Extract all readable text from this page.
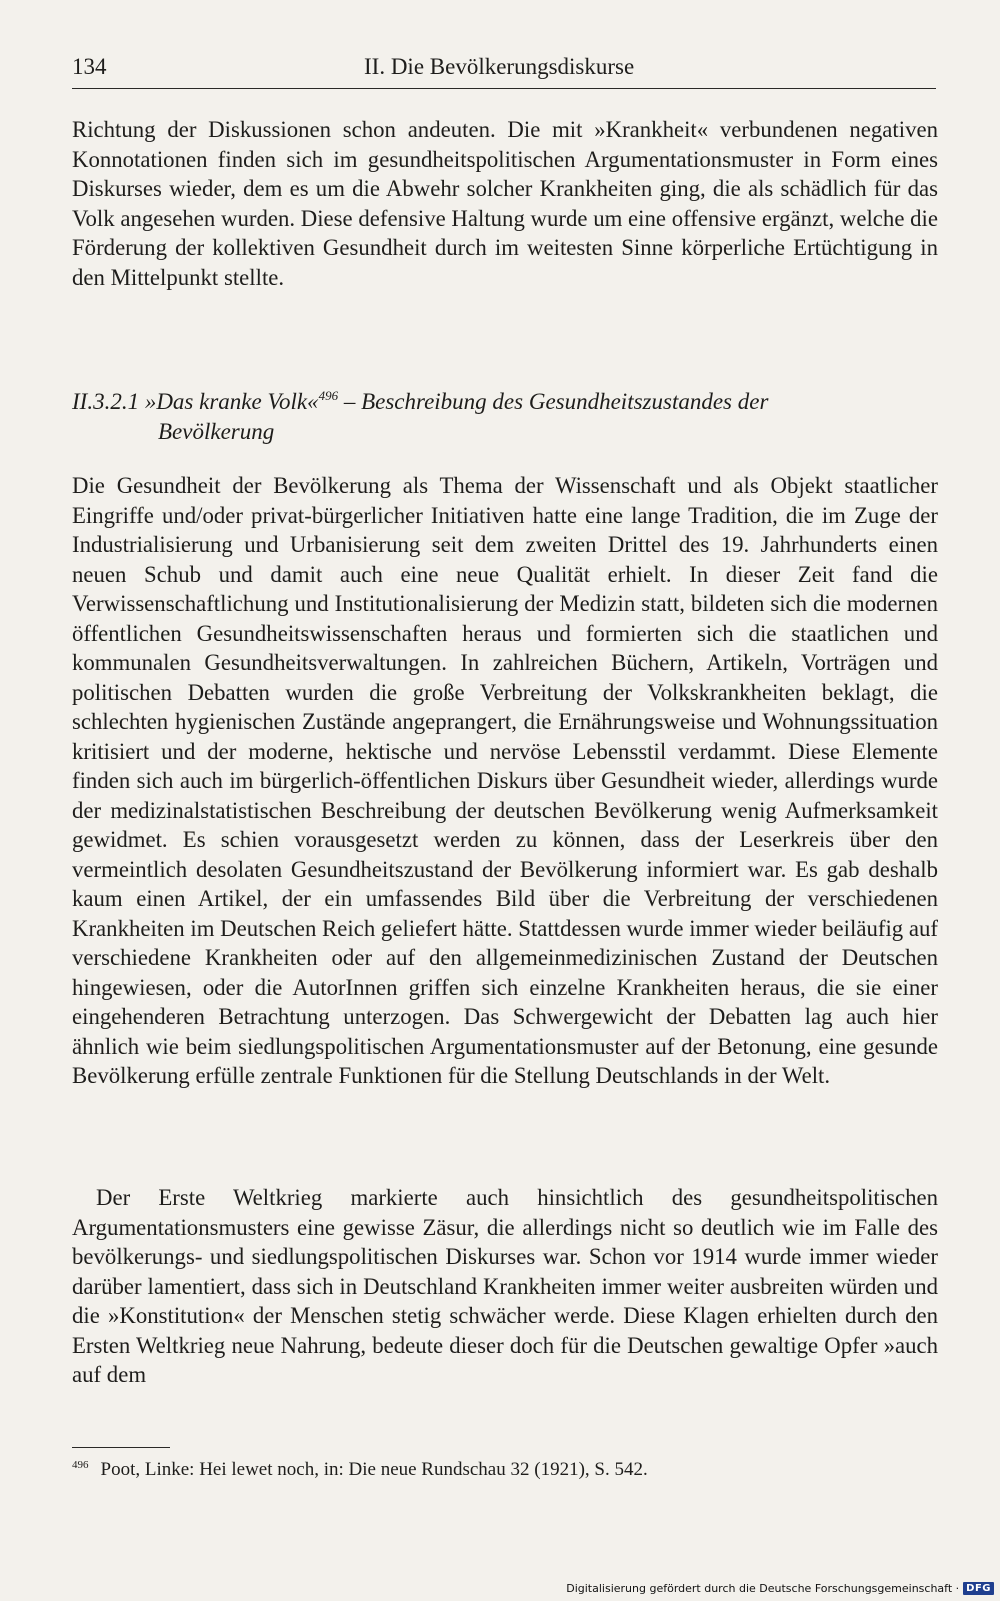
134	II. Die Bevölkerungsdiskurse

Richtung der Diskussionen schon andeuten. Die mit »Krankheit« verbundenen negativen Konnotationen finden sich im gesundheitspolitischen Argumentationsmuster in Form eines Diskurses wieder, dem es um die Abwehr solcher Krankheiten ging, die als schädlich für das Volk angesehen wurden. Diese defensive Haltung wurde um eine offensive ergänzt, welche die Förderung der kollektiven Gesundheit durch im weitesten Sinne körperliche Ertüchtigung in den Mittelpunkt stellte.

II.3.2.1 »Das kranke Volk«$^{496}$ – Beschreibung des Gesundheitszustandes der
Bevölkerung

Die Gesundheit der Bevölkerung als Thema der Wissenschaft und als Objekt staatlicher Eingriffe und/oder privat-bürgerlicher Initiativen hatte eine lange Tradition, die im Zuge der Industrialisierung und Urbanisierung seit dem zweiten Drittel des 19. Jahrhunderts einen neuen Schub und damit auch eine neue Qualität erhielt. In dieser Zeit fand die Verwissenschaftlichung und Institutionalisierung der Medizin statt, bildeten sich die modernen öffentlichen Gesundheitswissenschaften heraus und formierten sich die staatlichen und kommunalen Gesundheitsverwaltungen. In zahlreichen Büchern, Artikeln, Vorträgen und politischen Debatten wurden die große Verbreitung der Volkskrankheiten beklagt, die schlechten hygienischen Zustände angeprangert, die Ernährungsweise und Wohnungssituation kritisiert und der moderne, hektische und nervöse Lebensstil verdammt. Diese Elemente finden sich auch im bürgerlich-öffentlichen Diskurs über Gesundheit wieder, allerdings wurde der medizinalstatistischen Beschreibung der deutschen Bevölkerung wenig Aufmerksamkeit gewidmet. Es schien vorausgesetzt werden zu können, dass der Leserkreis über den vermeintlich desolaten Gesundheitszustand der Bevölkerung informiert war. Es gab deshalb kaum einen Artikel, der ein umfassendes Bild über die Verbreitung der verschiedenen Krankheiten im Deutschen Reich geliefert hätte. Stattdessen wurde immer wieder beiläufig auf verschiedene Krankheiten oder auf den allgemeinmedizinischen Zustand der Deutschen hingewiesen, oder die AutorInnen griffen sich einzelne Krankheiten heraus, die sie einer eingehenderen Betrachtung unterzogen. Das Schwergewicht der Debatten lag auch hier ähnlich wie beim siedlungspolitischen Argumentationsmuster auf der Betonung, eine gesunde Bevölkerung erfülle zentrale Funktionen für die Stellung Deutschlands in der Welt.

Der Erste Weltkrieg markierte auch hinsichtlich des gesundheitspolitischen Argumentationsmusters eine gewisse Zäsur, die allerdings nicht so deutlich wie im Falle des bevölkerungs- und siedlungspolitischen Diskurses war. Schon vor 1914 wurde immer wieder darüber lamentiert, dass sich in Deutschland Krankheiten immer weiter ausbreiten würden und die »Konstitution« der Menschen stetig schwächer werde. Diese Klagen erhielten durch den Ersten Weltkrieg neue Nahrung, bedeute dieser doch für die Deutschen gewaltige Opfer »auch auf dem

$^{496}$ Poot, Linke: Hei lewet noch, in: Die neue Rundschau 32 (1921), S. 542.
Digitalisierung gefördert durch die Deutsche Forschungsgemeinschaft · DFG
